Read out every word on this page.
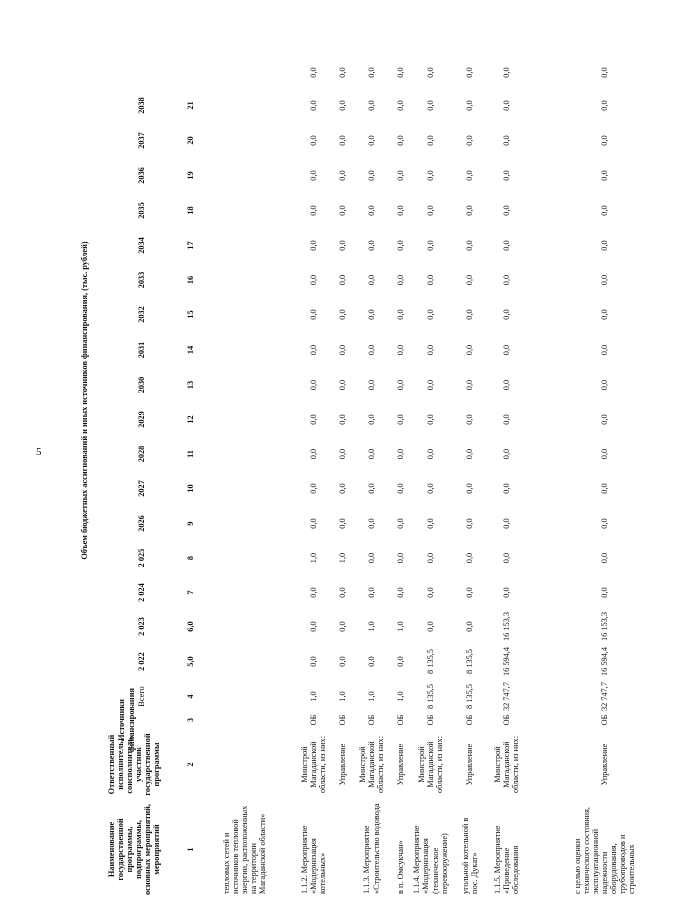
5
Наименование государственной программы, подпрограммы, основных мероприятий, мероприятий
Ответственный исполнитель, соисполнитель, участник государственной программы
Источники финансирования
Объем бюджетных ассигнований и иных источников финансирования, (тыс. рублей)
Всего
2 022
2 023
2 024
2 025
2026
2027
2028
2029
2030
2031
2032
2033
2034
2035
2036
2037
2038
1
2
3
4
5,0
6,0
7
8
9
10
11
12
13
14
15
16
17
18
19
20
21
тепловых сетей и источников тепловой энергии, расположенных на территории Магаданской области»	1.1.2. Мероприятие «Модернизация котельных»
Минстрой Магаданской области, из них:
ОБ
1,0
0,0
0,0
0,0
1,0
0,0
0,0
0,0
0,0
0,0
0,0
0,0
0,0
0,0
0,0
0,0
0,0
0,0
0,0
Управление
ОБ
1,0
0,0
0,0
0,0
1,0
0,0
0,0
0,0
0,0
0,0
0,0
0,0
0,0
0,0
0,0
0,0
0,0
0,0
0,0
1.1.3. Мероприятие «Строительство водовода
Минстрой Магаданской области, из них:
ОБ
1,0
0,0
1,0
0,0
0,0
0,0
0,0
0,0
0,0
0,0
0,0
0,0
0,0
0,0
0,0
0,0
0,0
0,0
0,0
в п. Омсукчан»
Управление
ОБ
1,0
0,0
1,0
0,0
0,0
0,0
0,0
0,0
0,0
0,0
0,0
0,0
0,0
0,0
0,0
0,0
0,0
0,0
0,0
1.1.4. Мероприятие «Модернизация (техническое перевооружение)
Минстрой Магаданской области, из них:
ОБ
8 135,5
8 135,5
0,0
0,0
0,0
0,0
0,0
0,0
0,0
0,0
0,0
0,0
0,0
0,0
0,0
0,0
0,0
0,0
0,0
угольной котельной в пос. Дукат»
Управление
ОБ
8 135,5
8 135,5
0,0
0,0
0,0
0,0
0,0
0,0
0,0
0,0
0,0
0,0
0,0
0,0
0,0
0,0
0,0
0,0
0,0
1.1.5. Мероприятие «Проведение обследования
Минстрой Магаданской области, из них:
ОБ
32 747,7
16 594,4
16 153,3
0,0
0,0
0,0
0,0
0,0
0,0
0,0
0,0
0,0
0,0
0,0
0,0
0,0
0,0
0,0
0,0
с целью оценки технического состояния, эксплуатационной надежности оборудования, трубопроводов и строительных
Управление
ОБ
32 747,7
16 594,4
16 153,3
0,0
0,0
0,0
0,0
0,0
0,0
0,0
0,0
0,0
0,0
0,0
0,0
0,0
0,0
0,0
0,0
